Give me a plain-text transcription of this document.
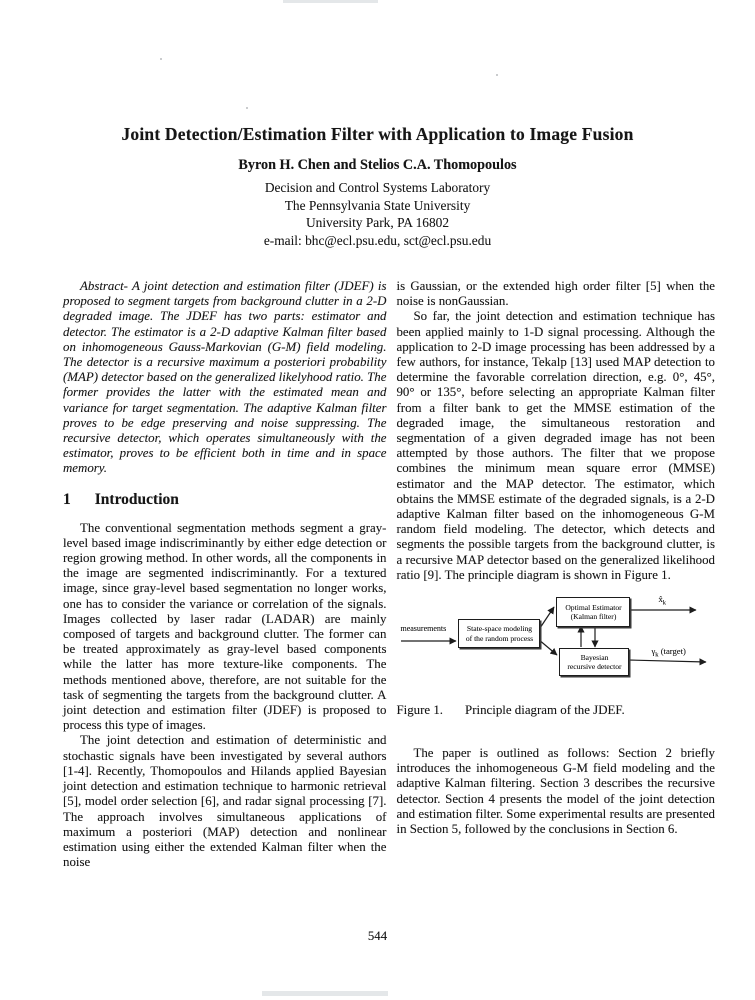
Joint Detection/Estimation Filter with Application to Image Fusion
Byron H. Chen and Stelios C.A. Thomopoulos
Decision and Control Systems Laboratory
The Pennsylvania State University
University Park, PA 16802
e-mail: bhc@ecl.psu.edu, sct@ecl.psu.edu

Abstract- A joint detection and estimation filter (JDEF) is proposed to segment targets from background clutter in a 2-D degraded image. The JDEF has two parts: estimator and detector. The estimator is a 2-D adaptive Kalman filter based on inhomogeneous Gauss-Markovian (G-M) field modeling. The detector is a recursive maximum a posteriori probability (MAP) detector based on the generalized likelyhood ratio. The former provides the latter with the estimated mean and variance for target segmentation. The adaptive Kalman filter proves to be edge preserving and noise suppressing. The recursive detector, which operates simultaneously with the estimator, proves to be efficient both in time and in space memory.

1 Introduction

The conventional segmentation methods segment a gray-level based image indiscriminantly by either edge detection or region growing method. In other words, all the components in the image are segmented indiscriminantly. For a textured image, since gray-level based segmentation no longer works, one has to consider the variance or correlation of the signals. Images collected by laser radar (LADAR) are mainly composed of targets and background clutter. The former can be treated approximately as gray-level based components while the latter has more texture-like components. The methods mentioned above, therefore, are not suitable for the task of segmenting the targets from the background clutter. A joint detection and estimation filter (JDEF) is proposed to process this type of images.

The joint detection and estimation of deterministic and stochastic signals have been investigated by several authors [1-4]. Recently, Thomopoulos and Hilands applied Bayesian joint detection and estimation technique to harmonic retrieval [5], model order selection [6], and radar signal processing [7]. The approach involves simultaneous applications of maximum a posteriori (MAP) detection and nonlinear estimation using either the extended Kalman filter when the noise

is Gaussian, or the extended high order filter [5] when the noise is nonGaussian.

So far, the joint detection and estimation technique has been applied mainly to 1-D signal processing. Although the application to 2-D image processing has been addressed by a few authors, for instance, Tekalp [13] used MAP detection to determine the favorable correlation direction, e.g. 0°, 45°, 90° or 135°, before selecting an appropriate Kalman filter from a filter bank to get the MMSE estimation of the degraded image, the simultaneous restoration and segmentation of a given degraded image has not been attempted by those authors. The filter that we propose combines the minimum mean square error (MMSE) estimator and the MAP detector. The estimator, which obtains the MMSE estimate of the degraded signals, is a 2-D adaptive Kalman filter based on the inhomogeneous G-M random field modeling. The detector, which detects and segments the possible targets from the background clutter, is a recursive MAP detector based on the generalized likelihood ratio [9]. The principle diagram is shown in Figure 1.

measurements	State-space modeling
of the random process
Optimal Estimator
(Kalman filter)
Bayesian
recursive detector
$x̂_k$
$\gamma_k$ (target)
Figure 1. Principle diagram of the JDEF.

The paper is outlined as follows: Section 2 briefly introduces the inhomogeneous G-M field modeling and the adaptive Kalman filtering. Section 3 describes the recursive detector. Section 4 presents the model of the joint detection and estimation filter. Some experimental results are presented in Section 5, followed by the conclusions in Section 6.

544
